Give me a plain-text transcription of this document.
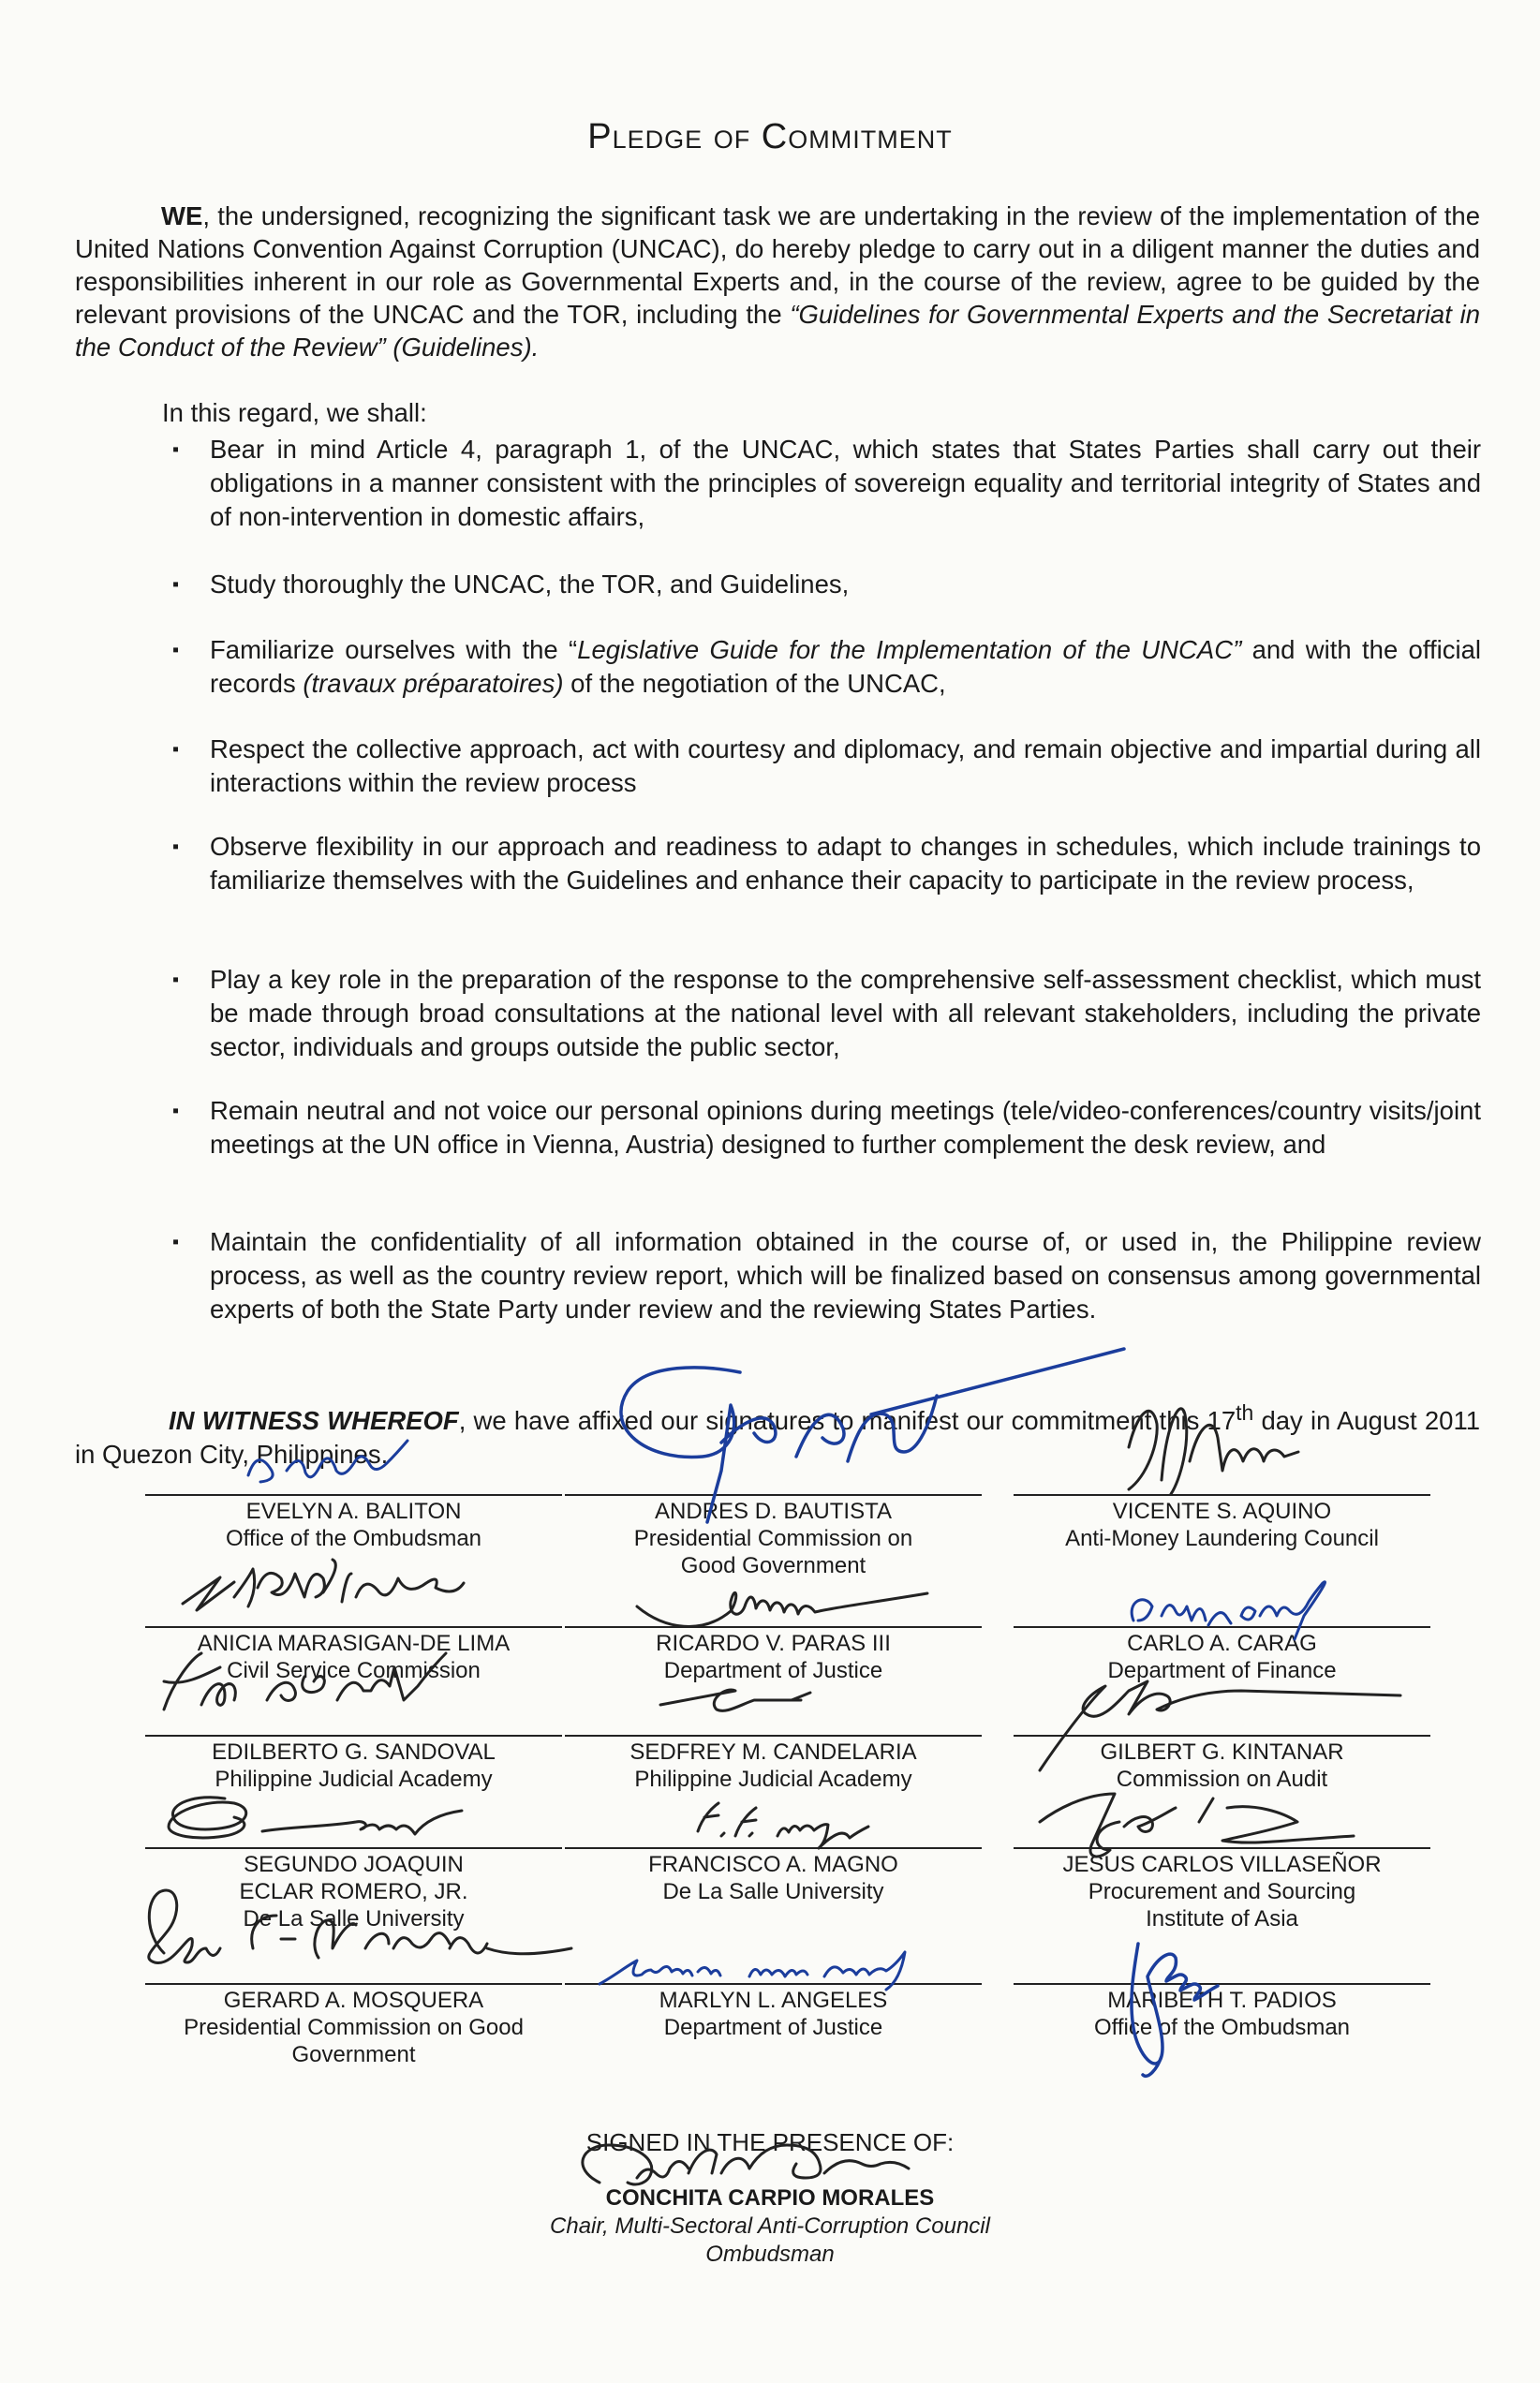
Pledge of Commitment

WE, the undersigned, recognizing the significant task we are undertaking in the review of the implementation of the United Nations Convention Against Corruption (UNCAC), do hereby pledge to carry out in a diligent manner the duties and responsibilities inherent in our role as Governmental Experts and, in the course of the review, agree to be guided by the relevant provisions of the UNCAC and the TOR, including the “Guidelines for Governmental Experts and the Secretariat in the Conduct of the Review” (Guidelines).

In this regard, we shall:

▪ Bear in mind Article 4, paragraph 1, of the UNCAC, which states that States Parties shall carry out their obligations in a manner consistent with the principles of sovereign equality and territorial integrity of States and of non-intervention in domestic affairs,
▪ Study thoroughly the UNCAC, the TOR, and Guidelines,
▪ Familiarize ourselves with the “Legislative Guide for the Implementation of the UNCAC” and with the official records (travaux préparatoires) of the negotiation of the UNCAC,
▪ Respect the collective approach, act with courtesy and diplomacy, and remain objective and impartial during all interactions within the review process
▪ Observe flexibility in our approach and readiness to adapt to changes in schedules, which include trainings to familiarize themselves with the Guidelines and enhance their capacity to participate in the review process,
▪ Play a key role in the preparation of the response to the comprehensive self-assessment checklist, which must be made through broad consultations at the national level with all relevant stakeholders, including the private sector, individuals and groups outside the public sector,
▪ Remain neutral and not voice our personal opinions during meetings (tele/video-conferences/country visits/joint meetings at the UN office in Vienna, Austria) designed to further complement the desk review, and
▪ Maintain the confidentiality of all information obtained in the course of, or used in, the Philippine review process, as well as the country review report, which will be finalized based on consensus among governmental experts of both the State Party under review and the reviewing States Parties.

IN WITNESS WHEREOF, we have affixed our signatures to manifest our commitment this 17th day in August 2011 in Quezon City, Philippines.

EVELYN A. BALITON
Office of the Ombudsman
ANDRES D. BAUTISTA
Presidential Commission on Good Government
VICENTE S. AQUINO
Anti-Money Laundering Council
ANICIA MARASIGAN-DE LIMA
Civil Service Commission
RICARDO V. PARAS III
Department of Justice
CARLO A. CARAG
Department of Finance
EDILBERTO G. SANDOVAL
Philippine Judicial Academy
SEDFREY M. CANDELARIA
Philippine Judicial Academy
GILBERT G. KINTANAR
Commission on Audit
SEGUNDO JOAQUIN ECLAR ROMERO, JR.
De La Salle University
FRANCISCO A. MAGNO
De La Salle University
JESUS CARLOS VILLASEÑOR
Procurement and Sourcing Institute of Asia
GERARD A. MOSQUERA
Presidential Commission on Good Government
MARLYN L. ANGELES
Department of Justice
MARIBETH T. PADIOS
Office of the Ombudsman

SIGNED IN THE PRESENCE OF:

CONCHITA CARPIO MORALES
Chair, Multi-Sectoral Anti-Corruption Council
Ombudsman
